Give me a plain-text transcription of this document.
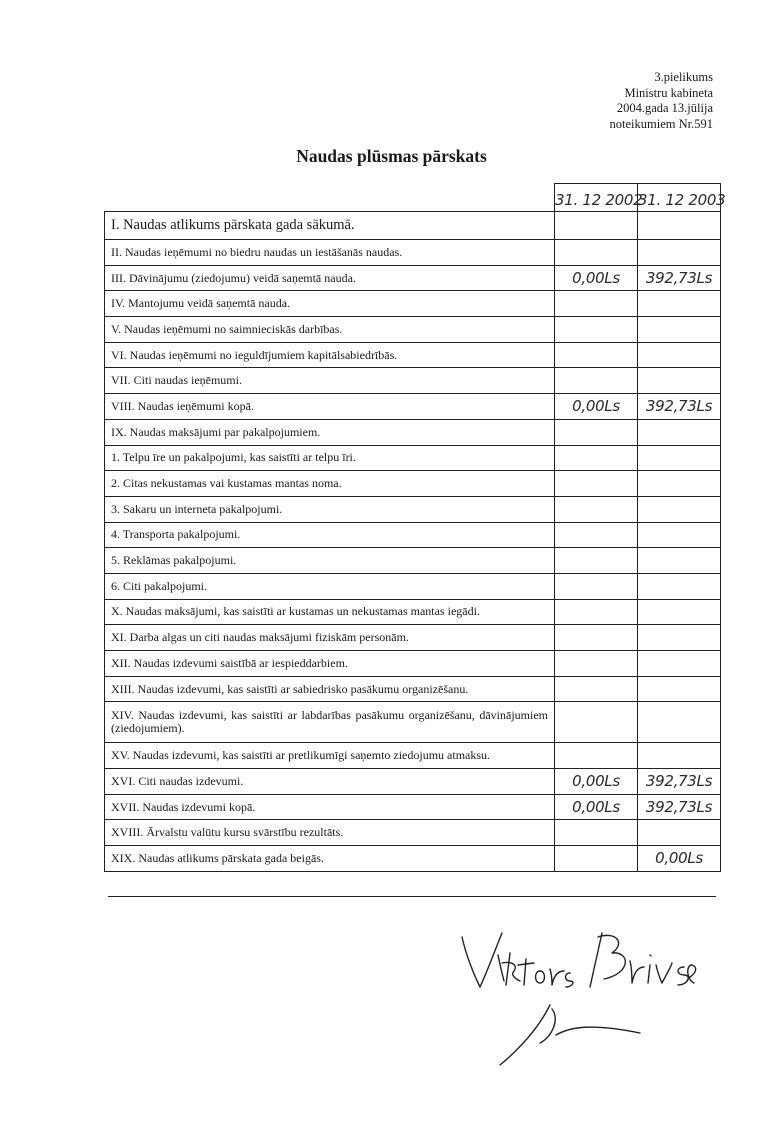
3.pielikums
Ministru kabineta
2004.gada 13.jūlija
noteikumiem Nr.591
Naudas plūsmas pārskats

	31. 12 2002	31. 12 2003

I. Naudas atlikums pārskata gada sākumā.	

II. Naudas ieņēmumi no biedru naudas un iestāšanās naudas.	

III. Dāvinājumu (ziedojumu) veidā saņemtā nauda.	0,00Ls	392,73Ls

IV. Mantojumu veidā saņemtā nauda.	

V. Naudas ieņēmumi no saimnieciskās darbības.	

VI. Naudas ieņēmumi no ieguldījumiem kapitālsabiedrībās.	

VII. Citi naudas ieņēmumi.	

VIII. Naudas ieņēmumi kopā.	0,00Ls	392,73Ls

IX. Naudas maksājumi par pakalpojumiem.	

1. Telpu īre un pakalpojumi, kas saistīti ar telpu īri.	

2. Citas nekustamas vai kustamas mantas noma.	

3. Sakaru un interneta pakalpojumi.	

4. Transporta pakalpojumi.	

5. Reklāmas pakalpojumi.	

6. Citi pakalpojumi.	

X. Naudas maksājumi, kas saistīti ar kustamas un nekustamas mantas iegādi.	

XI. Darba algas un citi naudas maksājumi fiziskām personām.	

XII. Naudas izdevumi saistībā ar iespieddarbiem.	

XIII. Naudas izdevumi, kas saistīti ar sabiedrisko pasākumu organizēšanu.	

XIV. Naudas izdevumi, kas saistīti ar labdarības pasākumu organizēšanu, dāvinājumiem (ziedojumiem).	

XV. Naudas izdevumi, kas saistīti ar pretlikumīgi saņemto ziedojumu atmaksu.	

XVI. Citi naudas izdevumi.	0,00Ls	392,73Ls

XVII. Naudas izdevumi kopā.	0,00Ls	392,73Ls

XVIII. Ārvalstu valūtu kursu svārstību rezultāts.	

XIX. Naudas atlikums pārskata gada beigās.		0,00Ls
